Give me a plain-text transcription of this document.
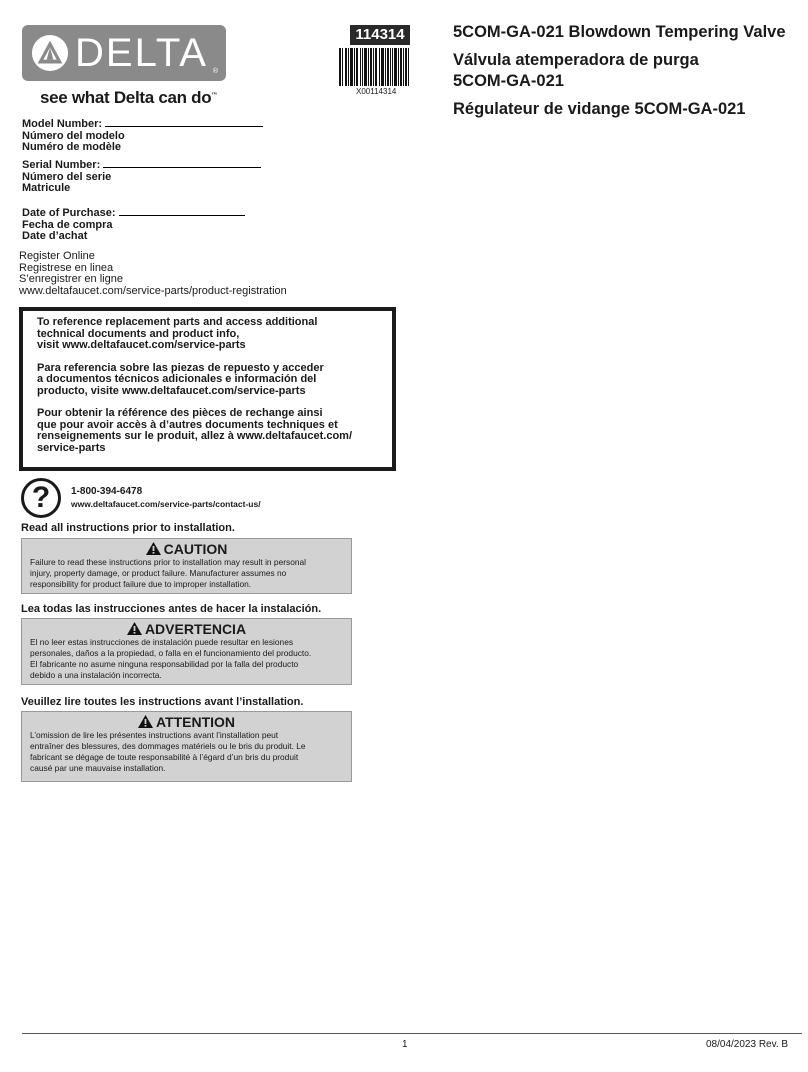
DELTA ®
see what Delta can do™
114314
X00114314
5COM-GA-021 Blowdown Tempering Valve
Válvula atemperadora de purga
5COM-GA-021
Régulateur de vidange 5COM-GA-021
Model Number:
Número del modelo
Numéro de modèle
Serial Number:
Número del serie
Matricule
Date of Purchase:
Fecha de compra
Date d’achat
Register Online
Registrese en linea
S’enregistrer en ligne
www.deltafaucet.com/service-parts/product-registration

To reference replacement parts and access additional
technical documents and product info,
visit www.deltafaucet.com/service-parts

Para referencia sobre las piezas de repuesto y acceder
a documentos técnicos adicionales e información del
producto, visite www.deltafaucet.com/service-parts

Pour obtenir la référence des pièces de rechange ainsi
que pour avoir accès à d’autres documents techniques et
renseignements sur le produit, allez à www.deltafaucet.com/
service-parts

?	1-800-394-6478
www.deltafaucet.com/service-parts/contact-us/
Read all instructions prior to installation.
CAUTION
Failure to read these instructions prior to installation may result in personal
injury, property damage, or product failure. Manufacturer assumes no
responsibility for product failure due to improper installation.
Lea todas las instrucciones antes de hacer la instalación.
ADVERTENCIA
El no leer estas instrucciones de instalación puede resultar en lesiones
personales, daños a la propiedad, o falla en el funcionamiento del producto.
El fabricante no asume ninguna responsabilidad por la falla del producto
debido a una instalación incorrecta.
Veuillez lire toutes les instructions avant l’installation.
ATTENTION
L’omission de lire les présentes instructions avant l’installation peut
entraîner des blessures, des dommages matériels ou le bris du produit. Le
fabricant se dégage de toute responsabilité à l’égard d’un bris du produit
causé par une mauvaise installation.
1	08/04/2023 Rev. B
